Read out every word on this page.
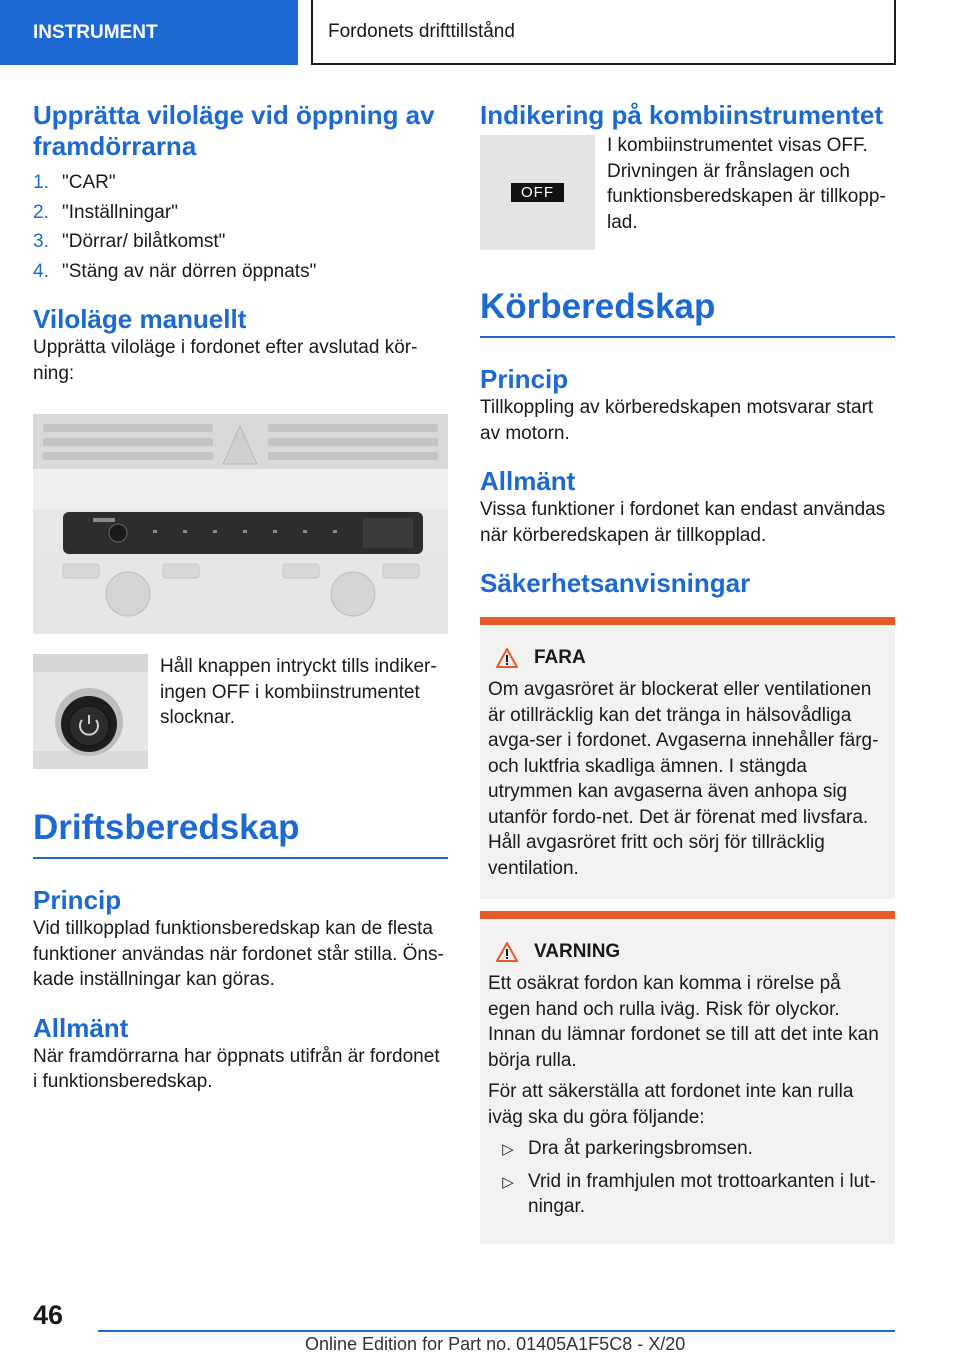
INSTRUMENT	Fordonets drifttillstånd
Upprätta viloläge vid öppning av framdörrarna
1. "CAR"
2. "Inställningar"
3. "Dörrar/ bilåtkomst"
4. "Stäng av när dörren öppnats"
Viloläge manuellt

Upprätta viloläge i fordonet efter avslutad kör-ning:

Håll knappen intryckt tills indiker-ingen OFF i kombiinstrumentet slocknar.

Driftsberedskap
Princip

Vid tillkopplad funktionsberedskap kan de flesta funktioner användas när fordonet står stilla. Öns-kade inställningar kan göras.

Allmänt

När framdörrarna har öppnats utifrån är fordonet i funktionsberedskap.

Indikering på kombiinstrumentet
OFF

I kombiinstrumentet visas OFF. Drivningen är frånslagen och funktionsberedskapen är tillkopp-lad.

Körberedskap
Princip

Tillkoppling av körberedskapen motsvarar start av motorn.

Allmänt

Vissa funktioner i fordonet kan endast användas när körberedskapen är tillkopplad.

Säkerhetsanvisningar
FARA

Om avgasröret är blockerat eller ventilationen är otillräcklig kan det tränga in hälsovådliga avga-ser i fordonet. Avgaserna innehåller färg- och luktfria skadliga ämnen. I stängda utrymmen kan avgaserna även anhopa sig utanför fordo-net. Det är förenat med livsfara. Håll avgasröret fritt och sörj för tillräcklig ventilation.

VARNING

Ett osäkrat fordon kan komma i rörelse på egen hand och rulla iväg. Risk för olyckor. Innan du lämnar fordonet se till att det inte kan börja rulla.

För att säkerställa att fordonet inte kan rulla iväg ska du göra följande:

▷ Dra åt parkeringsbromsen.
▷ Vrid in framhjulen mot trottoarkanten i lut-ningar.
46
Online Edition for Part no. 01405A1F5C8 - X/20
